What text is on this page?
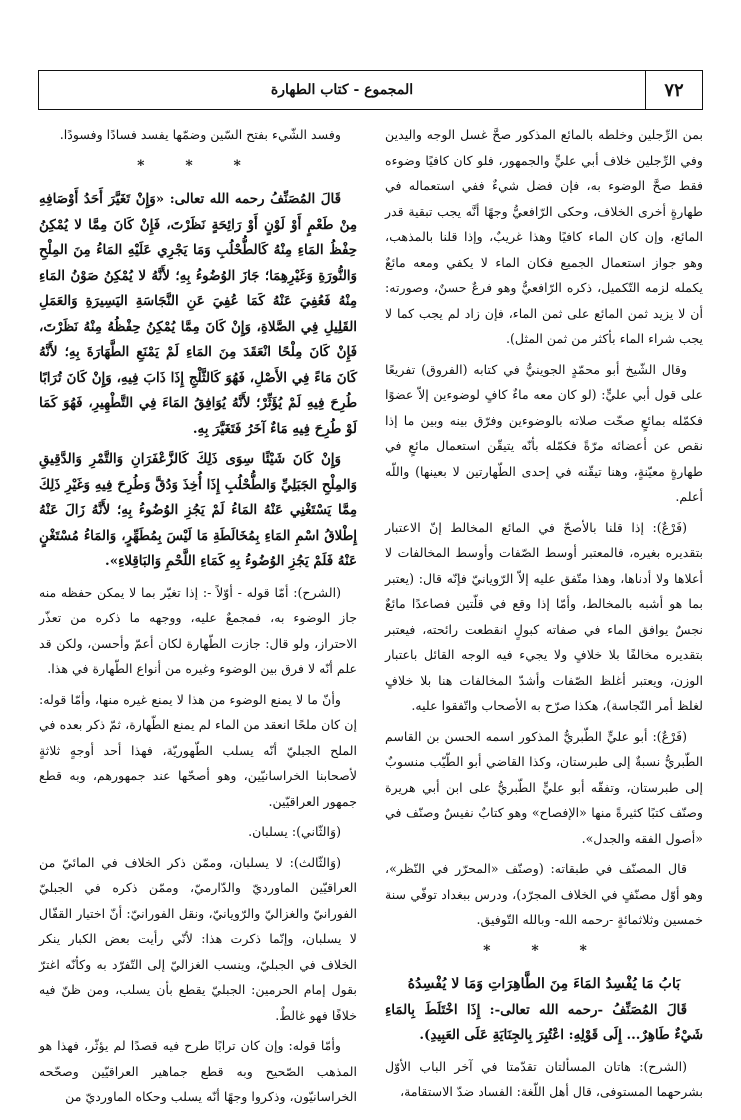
٧٢
المجموع - كتاب الطهارة

بمن الرِّجلين وخلطه بالمائع المذكور صحَّ غسل الوجه واليدين وفي الرِّجلين خلاف أبي عليٍّ والجمهور، فلو كان كافيًا وضوءه فقط صحَّ الوضوء به، فإن فضل شيءٌ ففي استعماله في طهارةٍ أخرى الخلاف، وحكى الرّافعيُّ وجهًا أنَّه يجب تبقية قدر المائع، وإن كان الماء كافيًا وهذا غريبٌ، وإذا قلنا بالمذهب، وهو جواز استعمال الجميع فكان الماء لا يكفي ومعه مائعٌ يكمله لزمه التّكميل، ذكره الرّافعيُّ وهو فرعٌ حسنٌ، وصورته: أن لا يزيد ثمن المائع على ثمن الماء، فإن زاد لم يجب كما لا يجب شراء الماء بأكثر من ثمن المثل).

وقال الشّيخ أبو محمّدٍ الجوينيُّ في كتابه (الفروق) تفريعًا على قول أبي عليٍّ: (لو كان معه ماءٌ كافٍ لوضوءين إلاّ عضوًا فكمّله بمائعٍ صحّت صلاته بالوضوءين وفرّق بينه وبين ما إذا نقص عن أعضائه مرّةً فكمّله بأنّه يتيقّن استعمال مائعٍ في طهارةٍ معيّنةٍ، وهنا تيقّنه في إحدى الطّهارتين لا بعينها) واللّه أعلم.

(فَرْعٌ): إذا قلنا بالأصحّ في المائع المخالط إنّ الاعتبار بتقديره بغيره، فالمعتبر أوسط الصّفات وأوسط المخالفات لا أعلاها ولا أدناها، وهذا متّفق عليه إلاّ الرّويانيّ فإنّه قال: (يعتبر بما هو أشبه بالمخالط، وأمّا إذا وقع في قلّتين فصاعدًا مائعٌ نجسٌ يوافق الماء في صفاته كبولٍ انقطعت رائحته، فيعتبر بتقديره مخالفًا بلا خلافٍ ولا يجيء فيه الوجه القائل باعتبار الوزن، ويعتبر أغلظ الصّفات وأشدّ المخالفات هنا بلا خلافٍ لغلظ أمر النّجاسة)، هكذا صرّح به الأصحاب واتّفقوا عليه.

(فَرْعٌ): أبو عليٍّ الطّبريُّ المذكور اسمه الحسن بن القاسم الطّبريُّ نسبةٌ إلى طبرستان، وكذا القاضي أبو الطّيّب منسوبٌ إلى طبرستان، وتفقّه أبو عليٍّ الطّبريُّ على ابن أبي هريرة وصنّف كتبًا كثيرةً منها «الإفصاح» وهو كتابٌ نفيسٌ وصنّف في «أصول الفقه والجدل».

قال المصنّف في طبقاته: (وصنّف «المحرّر في النّظر»، وهو أوّل مصنّفٍ في الخلاف المجرّد)، ودرس ببغداد توفّي سنة خمسين وثلاثمائةٍ -رحمه الله- وبالله التّوفيق.

* * *
بَابُ مَا يُفْسِدُ المَاءَ مِنَ الطَّاهِرَاتِ وَمَا لا يُفْسِدُهُ

قَالَ المُصَنِّفُ -رحمه الله تعالى-: إِذَا اخْتَلَطَ بِالمَاءِ شَيْءٌ طَاهِرٌ... إِلَى قَوْلِهِ: اعْتُبِرَ بِالجِنَايَةِ عَلَى العَبِيدِ).

(الشرح): هاتان المسألتان تقدّمتا في آخر الباب الأوّل بشرحهما المستوفى، قال أهل اللّغة: الفساد ضدّ الاستقامة،

وفسد الشّيء بفتح السّين وضمّها يفسد فسادًا وفسودًا.

* * *

قَالَ المُصَنِّفُ رحمه الله تعالى: «وَإِنْ تَغَيَّرَ أَحَدُ أَوْصَافِهِ مِنْ طَعْمٍ أَوْ لَوْنٍ أَوْ رَائِحَةٍ نَظَرْتَ، فَإِنْ كَانَ مِمَّا لا يُمْكِنُ حِفْظُ المَاءِ مِنْهُ كَالطُّحْلُبِ وَمَا يَجْرِي عَلَيْهِ المَاءُ مِنَ المِلْحِ وَالنُّورَةِ وَغَيْرِهِمَا؛ جَازَ الوُضُوءُ بِهِ؛ لأَنَّهُ لا يُمْكِنُ صَوْنُ المَاءِ مِنْهُ فَعُفِيَ عَنْهُ كَمَا عُفِيَ عَنِ النَّجَاسَةِ اليَسِيرَةِ وَالعَمَلِ القَلِيلِ فِي الصَّلاةِ، وَإِنْ كَانَ مِمَّا يُمْكِنُ حِفْظُهُ مِنْهُ نَظَرْتَ، فَإِنْ كَانَ مِلْحًا انْعَقَدَ مِنَ المَاءِ لَمْ يَمْنَعِ الطَّهَارَةَ بِهِ؛ لأَنَّهُ كَانَ مَاءً فِي الأَصْلِ، فَهُوَ كَالثَّلْجِ إِذَا ذَابَ فِيهِ، وَإِنْ كَانَ تُرَابًا طُرِحَ فِيهِ لَمْ يُؤَثِّرْ؛ لأَنَّهُ يُوَافِقُ المَاءَ فِي التَّطْهِيرِ، فَهُوَ كَمَا لَوْ طُرِحَ فِيهِ مَاءٌ آخَرُ فَتَغَيَّرَ بِهِ.

وَإِنْ كَانَ شَيْئًا سِوَى ذَلِكَ كَالزَّعْفَرَانِ وَالتَّمْرِ وَالدَّقِيقِ وَالمِلْحِ الجَبَلِيِّ وَالطُّحْلُبِ إِذَا أُخِذَ وَدُقَّ وَطُرِحَ فِيهِ وَغَيْرِ ذَلِكَ مِمَّا يَسْتَغْنِي عَنْهُ المَاءُ لَمْ يَجُزِ الوُضُوءُ بِهِ؛ لأَنَّهُ زَالَ عَنْهُ إِطْلاقُ اسْمِ المَاءِ بِمُخَالَطَةِ مَا لَيْسَ بِمُطَهِّرٍ، وَالمَاءُ مُسْتَغْنٍ عَنْهُ فَلَمْ يَجُزِ الوُضُوءُ بِهِ كَمَاءِ اللَّحْمِ وَالبَاقِلاءِ».

(الشرح): أمّا قوله - أوّلاً -: إذا تغيّر بما لا يمكن حفظه منه جاز الوضوء به، فمجمعٌ عليه، ووجهه ما ذكره من تعذّر الاحتراز، ولو قال: جازت الطّهارة لكان أعمّ وأحسن، ولكن قد علم أنّه لا فرق بين الوضوء وغيره من أنواع الطّهارة في هذا.

وأنّ ما لا يمنع الوضوء من هذا لا يمنع غيره منها، وأمّا قوله: إن كان ملحًا انعقد من الماء لم يمنع الطّهارة، ثمّ ذكر بعده في الملح الجبليّ أنّه يسلب الطّهوريّة، فهذا أحد أوجهٍ ثلاثةٍ لأصحابنا الخراسانيّين، وهو أصحّها عند جمهورهم، وبه قطع جمهور العراقيّين.

(وَالثّاني): يسلبان.

(وَالثّالث): لا يسلبان، وممّن ذكر الخلاف في المائيّ من العراقيّين الماورديّ والدّارميّ، وممّن ذكره في الجبليّ الفورانيّ والغزاليّ والرّويانيّ، ونقل الفورانيّ: أنّ اختيار القفّال لا يسلبان، وإنّما ذكرت هذا: لأنّي رأيت بعض الكبار ينكر الخلاف في الجبليّ، وينسب الغزاليّ إلى التّفرّد به وكأنّه اغترّ بقول إمام الحرمين: الجبليّ يقطع بأن يسلب، ومن ظنّ فيه خلافًا فهو غالطٌ.

وأمّا قوله: وإن كان ترابًا طرح فيه قصدًا لم يؤثّر، فهذا هو المذهب الصّحيح وبه قطع جماهير العراقيّين وصحّحه الخراسانيّون، وذكروا وجهًا أنّه يسلب وحكاه الماورديّ من
